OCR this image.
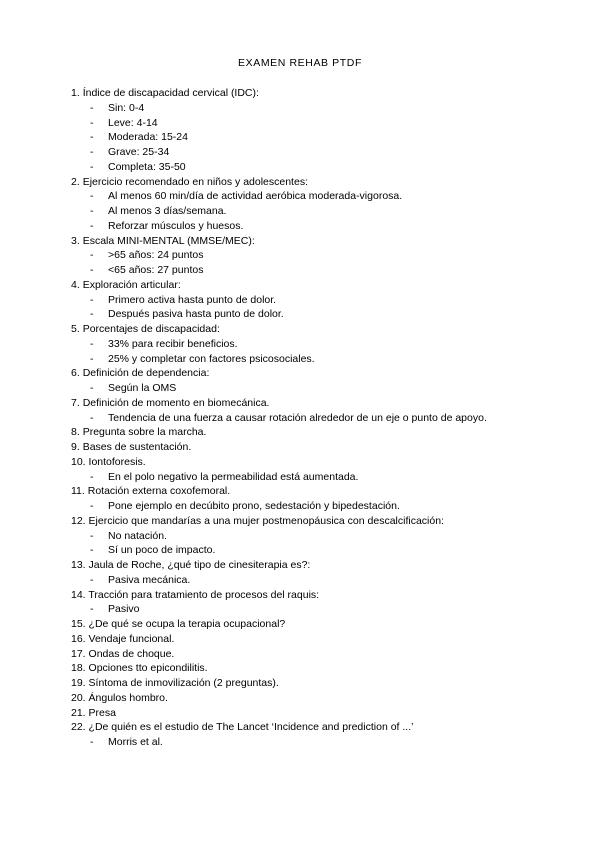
EXAMEN REHAB PTDF
1. Índice de discapacidad cervical (IDC):
- Sin: 0-4
- Leve: 4-14
- Moderada: 15-24
- Grave: 25-34
- Completa: 35-50
2. Ejercicio recomendado en niños y adolescentes:
- Al menos 60 min/día de actividad aeróbica moderada-vigorosa.
- Al menos 3 días/semana.
- Reforzar músculos y huesos.
3. Escala MINI-MENTAL (MMSE/MEC):
- >65 años: 24 puntos
- <65 años: 27 puntos
4. Exploración articular:
- Primero activa hasta punto de dolor.
- Después pasiva hasta punto de dolor.
5. Porcentajes de discapacidad:
- 33% para recibir beneficios.
- 25% y completar con factores psicosociales.
6. Definición de dependencia:
- Según la OMS
7. Definición de momento en biomecánica.
- Tendencia de una fuerza a causar rotación alrededor de un eje o punto de apoyo.
8. Pregunta sobre la marcha.
9. Bases de sustentación.
10. Iontoforesis.
- En el polo negativo la permeabilidad está aumentada.
11. Rotación externa coxofemoral.
- Pone ejemplo en decúbito prono, sedestación y bipedestación.
12. Ejercicio que mandarías a una mujer postmenopáusica con descalcificación:
- No natación.
- Sí un poco de impacto.
13. Jaula de Roche, ¿qué tipo de cinesiterapia es?:
- Pasiva mecánica.
14. Tracción para tratamiento de procesos del raquis:
- Pasivo
15. ¿De qué se ocupa la terapia ocupacional?
16. Vendaje funcional.
17. Ondas de choque.
18. Opciones tto epicondilitis.
19. Síntoma de inmovilización (2 preguntas).
20. Ángulos hombro.
21. Presa
22. ¿De quién es el estudio de The Lancet ‘Incidence and prediction of ...’
- Morris et al.
